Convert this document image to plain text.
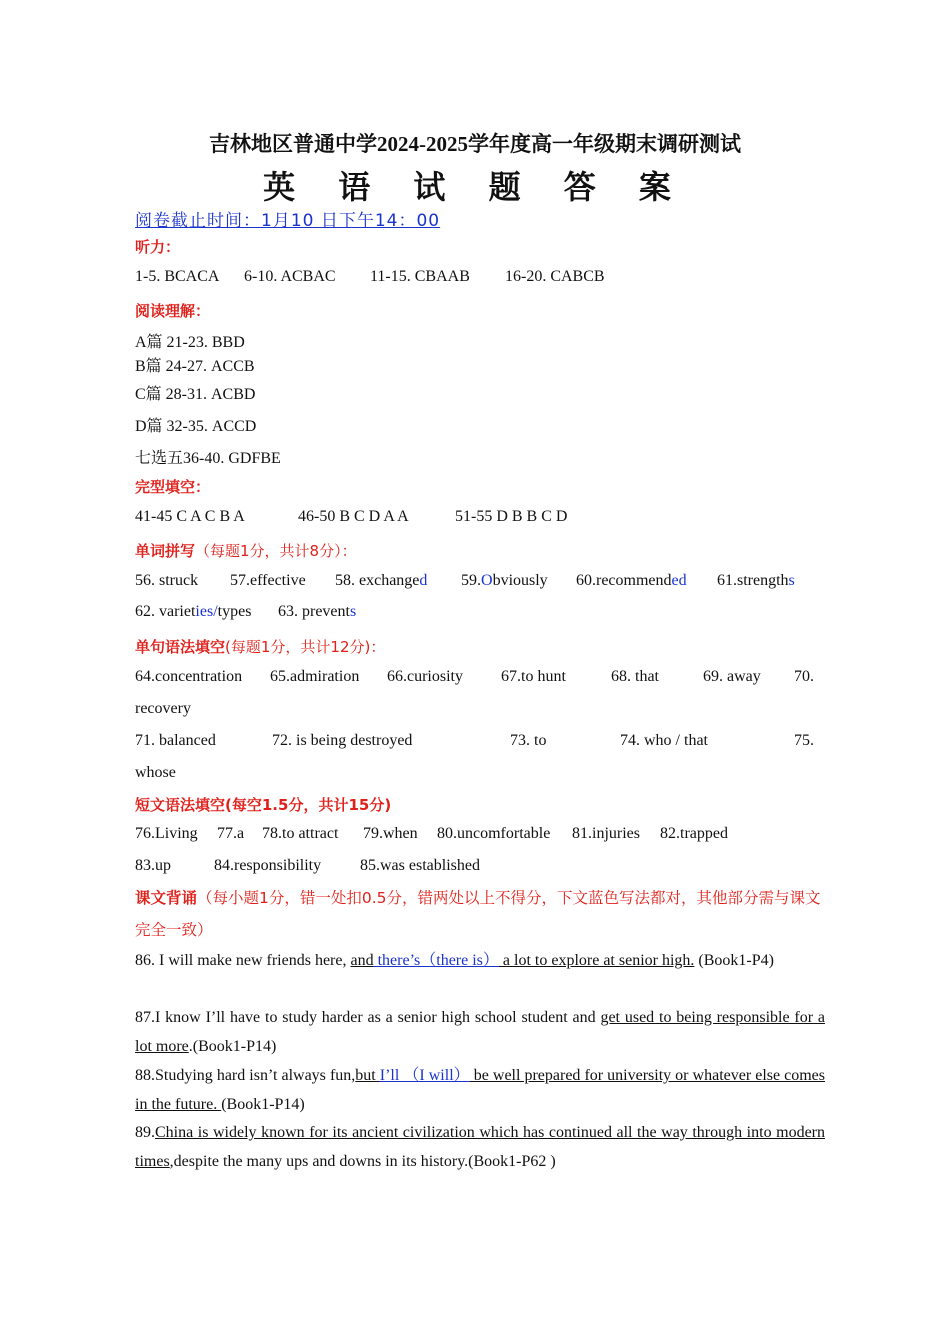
吉林地区普通中学2024-2025学年度高一年级期末调研测试
英 语 试 题 答 案
阅卷截止时间：1月10 日下午14：00
听力：
1-5. BCACA 6-10. ACBAC 11-15. CBAAB 16-20. CABCB
阅读理解：
A篇 21-23. BBD
B篇 24-27. ACCB
C篇 28-31. ACBD
D篇 32-35. ACCD
七选五36-40. GDFBE
完型填空：
41-45 C A C B A	46-50 B C D A A	51-55 D B B C D
单词拼写（每题1分，共计8分）：
56. struck 57.effective 58. exchanged 59.Obviously 60.recommended 61.strengths
62. varieties/types 63. prevents
单句语法填空(每题1分，共计12分)：
64.concentration 65.admiration 66.curiosity 67.to hunt	68. that	69. away 70.
recovery
71. balanced	72. is being destroyed	73. to	74. who / that	75.
whose
短文语法填空(每空1.5分，共计15分)
76.Living 77.a 78.to attract 79.when 80.uncomfortable 81.injuries 82.trapped
83.up	84.responsibility 85.was established
课文背诵（每小题1分，错一处扣0.5分，错两处以上不得分，下文蓝色写法都对，其他部分需与课文完全一致）
86. I will make new friends here, and there’s（there is） a lot to explore at senior high. (Book1-P4)
87.I know I’ll have to study harder as a senior high school student and get used to being responsible for a lot more.(Book1-P14)
88.Studying hard isn’t always fun,but I’ll （I will） be well prepared for university or whatever else comes in the future. (Book1-P14)
89.China is widely known for its ancient civilization which has continued all the way through into modern times,despite the many ups and downs in its history.(Book1-P62 )
